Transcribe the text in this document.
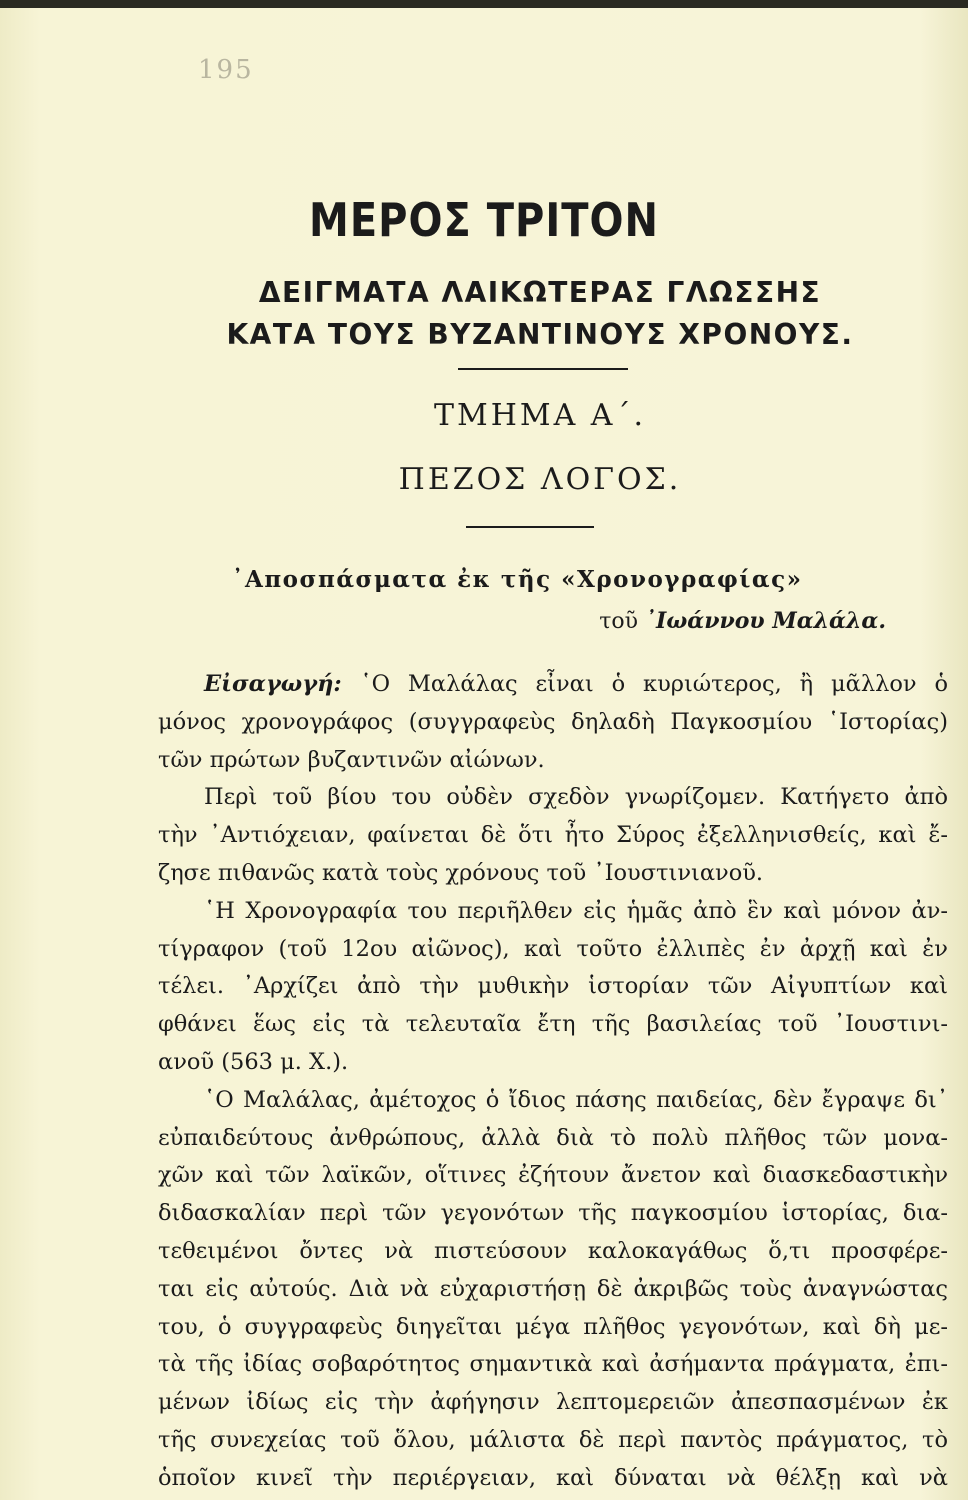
195
ΜΕΡΟΣ ΤΡΙΤΟΝ
ΔΕΙΓΜΑΤΑ ΛΑΙΚΩΤΕΡΑΣ ΓΛΩΣΣΗΣ
ΚΑΤΑ ΤΟΥΣ ΒΥΖΑΝΤΙΝΟΥΣ ΧΡΟΝΟΥΣ.
ΤΜΗΜΑ Α΄.
ΠΕΖΟΣ ΛΟΓΟΣ.
᾿Αποσπάσματα ἐκ τῆς «Χρονογραφίας»
τοῦ ᾿Ιωάννου Μαλάλα.
Εἰσαγωγή: ῾Ο Μαλάλας εἶναι ὁ κυριώτερος, ἢ μᾶλλον ὁ
μόνος χρονογράφος (συγγραφεὺς δηλαδὴ Παγκοσμίου ῾Ιστορίας)
τῶν πρώτων βυζαντινῶν αἰώνων.
Περὶ τοῦ βίου του οὐδὲν σχεδὸν γνωρίζομεν. Κατήγετο ἀπὸ
τὴν ᾿Αντιόχειαν, φαίνεται δὲ ὅτι ἦτο Σύρος ἐξελληνισθείς, καὶ ἔ-
ζησε πιθανῶς κατὰ τοὺς χρόνους τοῦ ᾿Ιουστινιανοῦ.
῾Η Χρονογραφία του περιῆλθεν εἰς ἡμᾶς ἀπὸ ἓν καὶ μόνον ἀν-
τίγραφον (τοῦ 12ου αἰῶνος), καὶ τοῦτο ἐλλιπὲς ἐν ἀρχῇ καὶ ἐν
τέλει. ᾿Αρχίζει ἀπὸ τὴν μυθικὴν ἱστορίαν τῶν Αἰγυπτίων καὶ
φθάνει ἕως εἰς τὰ τελευταῖα ἔτη τῆς βασιλείας τοῦ ᾿Ιουστινι-
ανοῦ (563 μ. Χ.).
῾Ο Μαλάλας, ἀμέτοχος ὁ ἴδιος πάσης παιδείας, δὲν ἔγραψε δι᾿
εὐπαιδεύτους ἀνθρώπους, ἀλλὰ διὰ τὸ πολὺ πλῆθος τῶν μονα-
χῶν καὶ τῶν λαϊκῶν, οἵτινες ἐζήτουν ἄνετον καὶ διασκεδαστικὴν
διδασκαλίαν περὶ τῶν γεγονότων τῆς παγκοσμίου ἱστορίας, δια-
τεθειμένοι ὄντες νὰ πιστεύσουν καλοκαγάθως ὅ,τι προσφέρε-
ται εἰς αὐτούς. Διὰ νὰ εὐχαριστήσῃ δὲ ἀκριβῶς τοὺς ἀναγνώστας
του, ὁ συγγραφεὺς διηγεῖται μέγα πλῆθος γεγονότων, καὶ δὴ με-
τὰ τῆς ἰδίας σοβαρότητος σημαντικὰ καὶ ἀσήμαντα πράγματα, ἐπι-
μένων ἰδίως εἰς τὴν ἀφήγησιν λεπτομερειῶν ἀπεσπασμένων ἐκ
τῆς συνεχείας τοῦ ὅλου, μάλιστα δὲ περὶ παντὸς πράγματος, τὸ
ὁποῖον κινεῖ τὴν περιέργειαν, καὶ δύναται νὰ θέλξῃ καὶ νὰ
